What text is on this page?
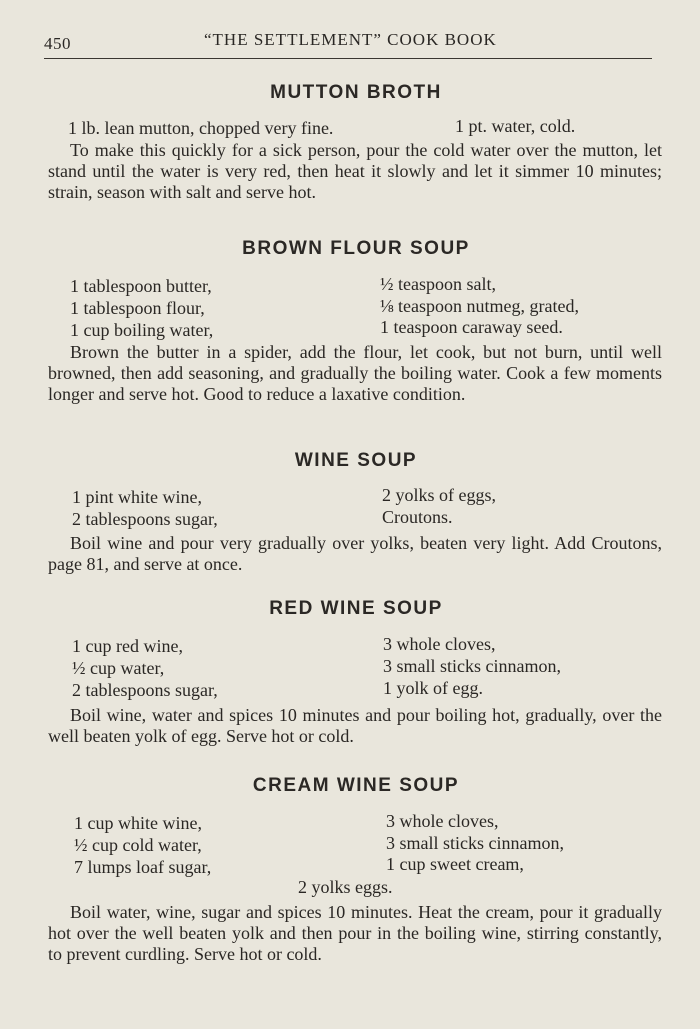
450	“THE SETTLEMENT” COOK BOOK
MUTTON BROTH
1 lb. lean mutton, chopped very fine.	1 pt. water, cold.
To make this quickly for a sick person, pour the cold water over the mutton, let stand until the water is very red, then heat it slowly and let it simmer 10 minutes; strain, season with salt and serve hot.
BROWN FLOUR SOUP
1 tablespoon butter,
1 tablespoon flour,
1 cup boiling water,
½ teaspoon salt,
⅛ teaspoon nutmeg, grated,
1 teaspoon caraway seed.
Brown the butter in a spider, add the flour, let cook, but not burn, until well browned, then add seasoning, and gradually the boiling water. Cook a few moments longer and serve hot. Good to reduce a laxative condition.
WINE SOUP
1 pint white wine,
2 tablespoons sugar,
2 yolks of eggs,
Croutons.
Boil wine and pour very gradually over yolks, beaten very light. Add Croutons, page 81, and serve at once.
RED WINE SOUP
1 cup red wine,
½ cup water,
2 tablespoons sugar,
3 whole cloves,
3 small sticks cinnamon,
1 yolk of egg.
Boil wine, water and spices 10 minutes and pour boiling hot, gradually, over the well beaten yolk of egg. Serve hot or cold.
CREAM WINE SOUP
1 cup white wine,
½ cup cold water,
7 lumps loaf sugar,
3 whole cloves,
3 small sticks cinnamon,
1 cup sweet cream,
2 yolks eggs.
Boil water, wine, sugar and spices 10 minutes. Heat the cream, pour it gradually hot over the well beaten yolk and then pour in the boiling wine, stirring constantly, to prevent curdling. Serve hot or cold.
